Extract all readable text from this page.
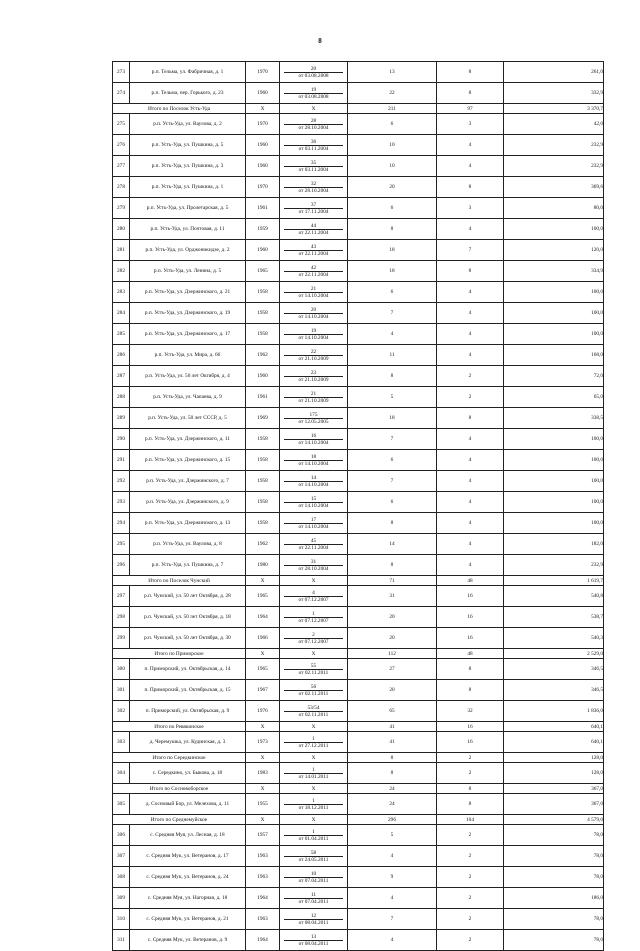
8
273	р.п. Тельма, ул. Фабричная, д. 1	1970	20
от 03.08.2008	13	8	261,0
274	р.п. Тельма, пер. Горького, д. 23	1960	19
от 03.08.2008	22	8	332,9
Итого по Поселок Усть-Уда		Х	Х	211	97	3 370,7
275	р.п. Усть-Уда, ул. Ваулова, д. 2	1970	28
от 28.10.2004	6	3	42,0
276	р.п. Усть-Уда, ул. Пушкина, д. 5	1960	36
от 03.11.2004	10	4	232,9
277	р.п. Усть-Уда, ул. Пушкина, д. 3	1960	35
от 03.11.2004	10	4	232,9
278	р.п. Усть-Уда, ул. Пушкина, д. 1	1970	32
от 28.10.2004	20	8	369,6
279	р.п. Усть-Уда, ул. Пролетарская, д. 5	1961	37
от 17.11.2004	6	3	80,0
280	р.п. Усть-Уда, ул. Почтовая, д. 11	1959	44
от 22.11.2004	8	4	100,0
281	р.п. Усть-Уда, ул. Орджоникидзе, д. 2	1960	43
от 22.11.2004	18	7	120,0
282	р.п. Усть-Уда, ул. Ленина, д. 5	1965	42
от 22.11.2004	18	8	334,9
283	р.п. Усть-Уда, ул. Дзержинского, д. 21	1958	21
от 14.10.2004	6	4	100,0
284	р.п. Усть-Уда, ул. Дзержинского, д. 19	1958	20
от 14.10.2004	7	4	100,0
285	р.п. Усть-Уда, ул. Дзержинского, д. 17	1958	19
от 14.10.2004	4	4	100,0
286	р.п. Усть-Уда, ул. Мира, д. 66	1962	22
от 21.10.2009	11	4	168,0
287	р.п. Усть-Уда, ул. 50 лет Октября, д. 4	1960	23
от 21.10.2009	8	2	72,0
288	р.п. Усть-Уда, ул. Чапаева, д. 9	1961	21
от 21.10.2009	5	2	65,0
289	р.п. Усть-Уда, ул. 50 лет СССР, д. 5	1969	175
от 12.05.2005	18	8	338,5
290	р.п. Усть-Уда, ул. Дзержинского, д. 11	1958	16
от 14.10.2004	7	4	100,0
291	р.п. Усть-Уда, ул. Дзержинского, д. 15	1958	18
от 14.10.2004	6	4	100,0
292	р.п. Усть-Уда, ул. Дзержинского, д. 7	1958	14
от 14.10.2004	7	4	100,0
293	р.п. Усть-Уда, ул. Дзержинского, д. 9	1958	15
от 14.10.2004	6	4	100,0
294	р.п. Усть-Уда, ул. Дзержинского, д. 13	1958	17
от 14.10.2004	8	4	100,0
295	р.п. Усть-Уда, ул. Ваулова, д. 8	1962	45
от 22.11.2004	14	4	182,0
296	р.п. Усть-Уда, ул. Пушкина, д. 7	1980	31
от 28.10.2004	8	4	232,9
Итого по Поселок Чунский		Х	Х	71	48	1 619,7
297	р.п. Чунский, ул. 50 лет Октября, д. 28	1965	4
от 07.12.2007	31	16	540,8
298	р.п. Чунский, ул. 50 лет Октября, д. 18	1964	1
от 07.12.2007	20	16	538,7
299	р.п. Чунский, ул. 50 лет Октября, д. 30	1966	2
от 07.12.2007	20	16	540,3
Итого по Приморское		Х	Х	112	48	2 529,0
300	п. Приморский, ул. Октябрьская, д. 14	1965	55
от 02.11.2011	27	8	346,5
301	п. Приморский, ул. Октябрьская, д. 15	1967	56
от 02.11.2011	20	8	346,5
302	п. Приморский, ул. Октябрьская, д. 9	1976	53/54
от 02.11.2011	65	32	1 836,0
Итого по Ревякинское		Х	Х	41	16	640,1
303	д. Черемушка, ул. Кудинская, д. 3	1973	1
от 27.12.2011	41	16	640,1
Итого по Середкинское		Х	Х	8	2	128,0
304	с. Середкино, ул. Быкова, д. 18	1983	1
от 14.01.2011	8	2	128,0
Итого по Сосновоборское		Х	Х	24	8	367,0
305	д. Сосновый Бор, ул. Мелехова, д. 11	1955	1
от 18.12.2011	24	8	367,0
Итого по Среднемуйское		Х	Х	296	104	4 579,0
306	с. Средняя Муя, ул. Лесная, д. 18	1957	1
от 01.04.2011	5	2	78,0
307	с. Средняя Мук, ул. Ветеранов, д. 17	1963	58
от 24.05.2011	4	2	78,0
308	с. Средняя Мук, ул. Ветеранов, д. 24	1963	10
от 07.04.2011	9	2	78,0
309	с. Средняя Муя, ул. Нагорная, д. 18	1964	11
от 07.04.2011	4	2	186,0
310	с. Средняя Мук, ул. Ветеранов, д. 21	1963	12
от 08.04.2011	7	2	78,0
311	с. Средняя Мук, ул. Ветеранов, д. 9	1964	13
от 08.04.2011	4	2	78,0
